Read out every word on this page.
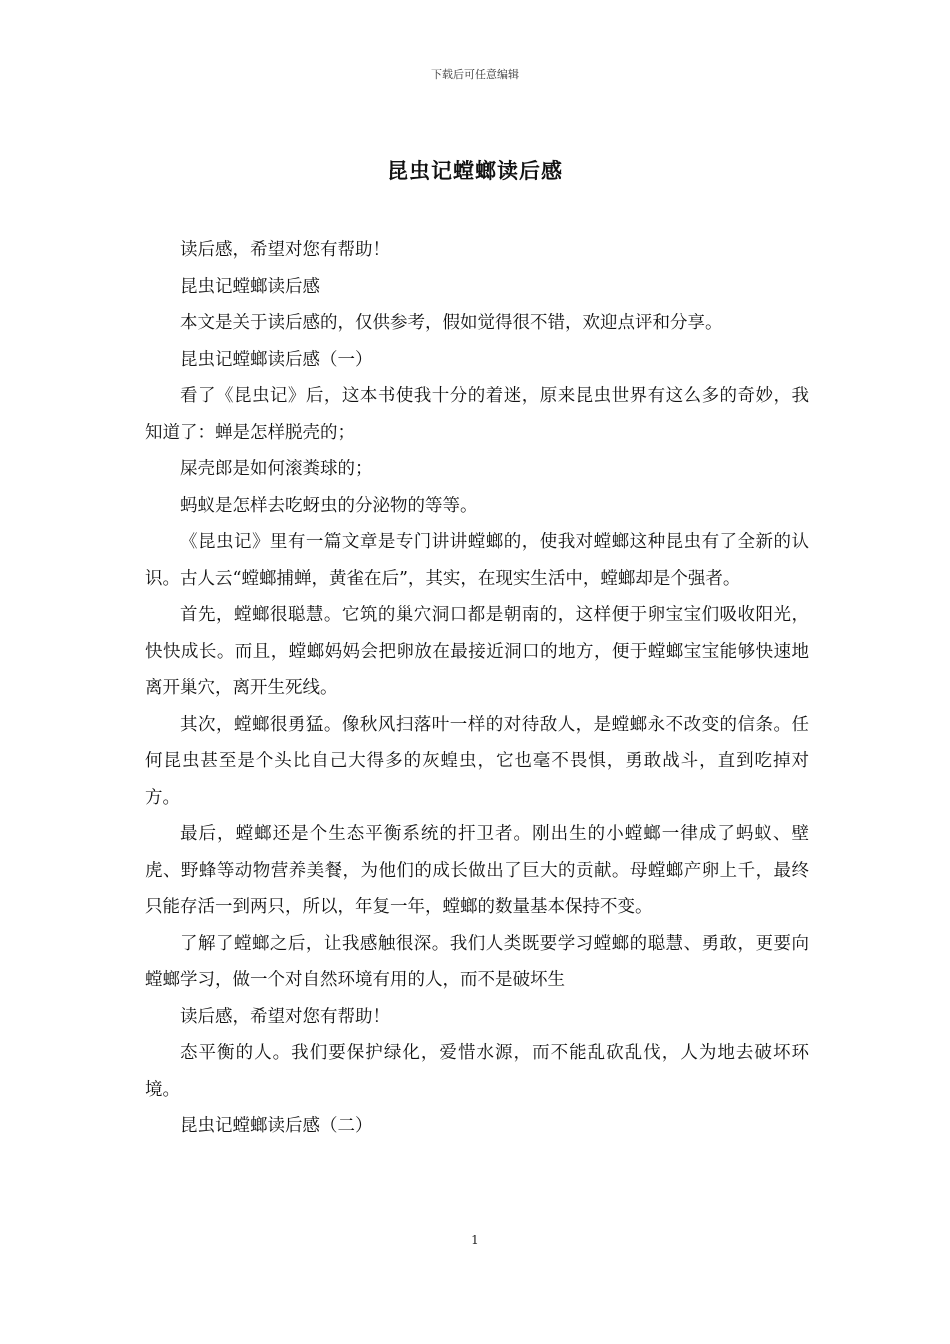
下载后可任意编辑
昆虫记螳螂读后感

读后感，希望对您有帮助！

昆虫记螳螂读后感

本文是关于读后感的，仅供参考，假如觉得很不错，欢迎点评和分享。

昆虫记螳螂读后感（一）

看了《昆虫记》后，这本书使我十分的着迷，原来昆虫世界有这么多的奇妙，我知道了：蝉是怎样脱壳的；

屎壳郎是如何滚粪球的；

蚂蚁是怎样去吃蚜虫的分泌物的等等。

《昆虫记》里有一篇文章是专门讲讲螳螂的，使我对螳螂这种昆虫有了全新的认识。古人云“螳螂捕蝉，黄雀在后”，其实，在现实生活中，螳螂却是个强者。

首先，螳螂很聪慧。它筑的巢穴洞口都是朝南的，这样便于卵宝宝们吸收阳光，快快成长。而且，螳螂妈妈会把卵放在最接近洞口的地方，便于螳螂宝宝能够快速地离开巢穴，离开生死线。

其次，螳螂很勇猛。像秋风扫落叶一样的对待敌人，是螳螂永不改变的信条。任何昆虫甚至是个头比自己大得多的灰蝗虫，它也毫不畏惧，勇敢战斗，直到吃掉对方。

最后，螳螂还是个生态平衡系统的扞卫者。刚出生的小螳螂一律成了蚂蚁、壁虎、野蜂等动物营养美餐，为他们的成长做出了巨大的贡献。母螳螂产卵上千，最终只能存活一到两只，所以，年复一年，螳螂的数量基本保持不变。

了解了螳螂之后，让我感触很深。我们人类既要学习螳螂的聪慧、勇敢，更要向螳螂学习，做一个对自然环境有用的人，而不是破坏生

读后感，希望对您有帮助！

态平衡的人。我们要保护绿化，爱惜水源，而不能乱砍乱伐，人为地去破坏环境。

昆虫记螳螂读后感（二）

1
